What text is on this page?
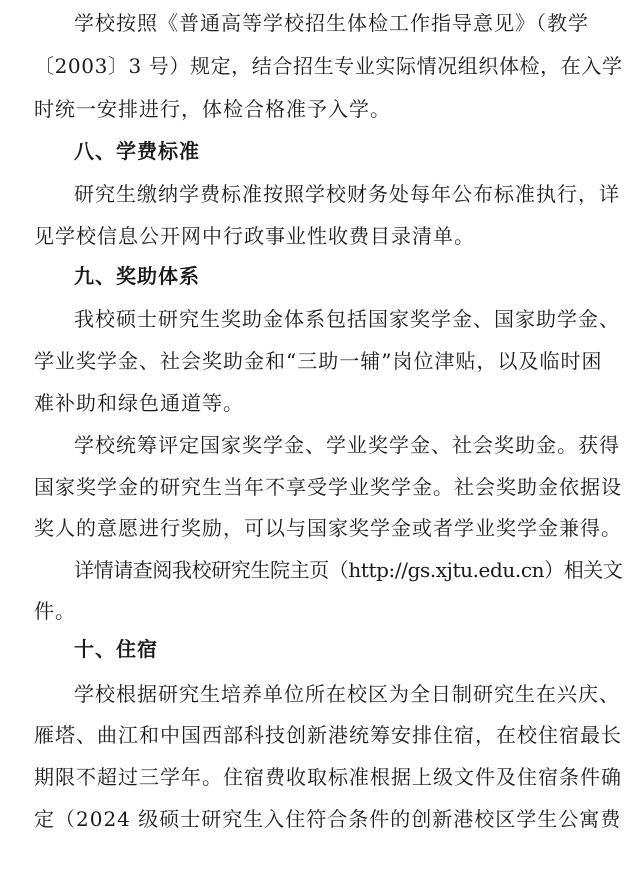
学校按照《普通高等学校招生体检工作指导意见》（教学
〔2003〕3 号）规定，结合招生专业实际情况组织体检，在入学
时统一安排进行，体检合格准予入学。
八、学费标准
研究生缴纳学费标准按照学校财务处每年公布标准执行，详
见学校信息公开网中行政事业性收费目录清单。
九、奖助体系
我校硕士研究生奖助金体系包括国家奖学金、国家助学金、
学业奖学金、社会奖助金和“三助一辅”岗位津贴，以及临时困
难补助和绿色通道等。
学校统筹评定国家奖学金、学业奖学金、社会奖助金。获得
国家奖学金的研究生当年不享受学业奖学金。社会奖助金依据设
奖人的意愿进行奖励，可以与国家奖学金或者学业奖学金兼得。
详情请查阅我校研究生院主页（http://gs.xjtu.edu.cn）相关文
件。
十、住宿
学校根据研究生培养单位所在校区为全日制研究生在兴庆、
雁塔、曲江和中国西部科技创新港统筹安排住宿，在校住宿最长
期限不超过三学年。住宿费收取标准根据上级文件及住宿条件确
定（2024 级硕士研究生入住符合条件的创新港校区学生公寓费
